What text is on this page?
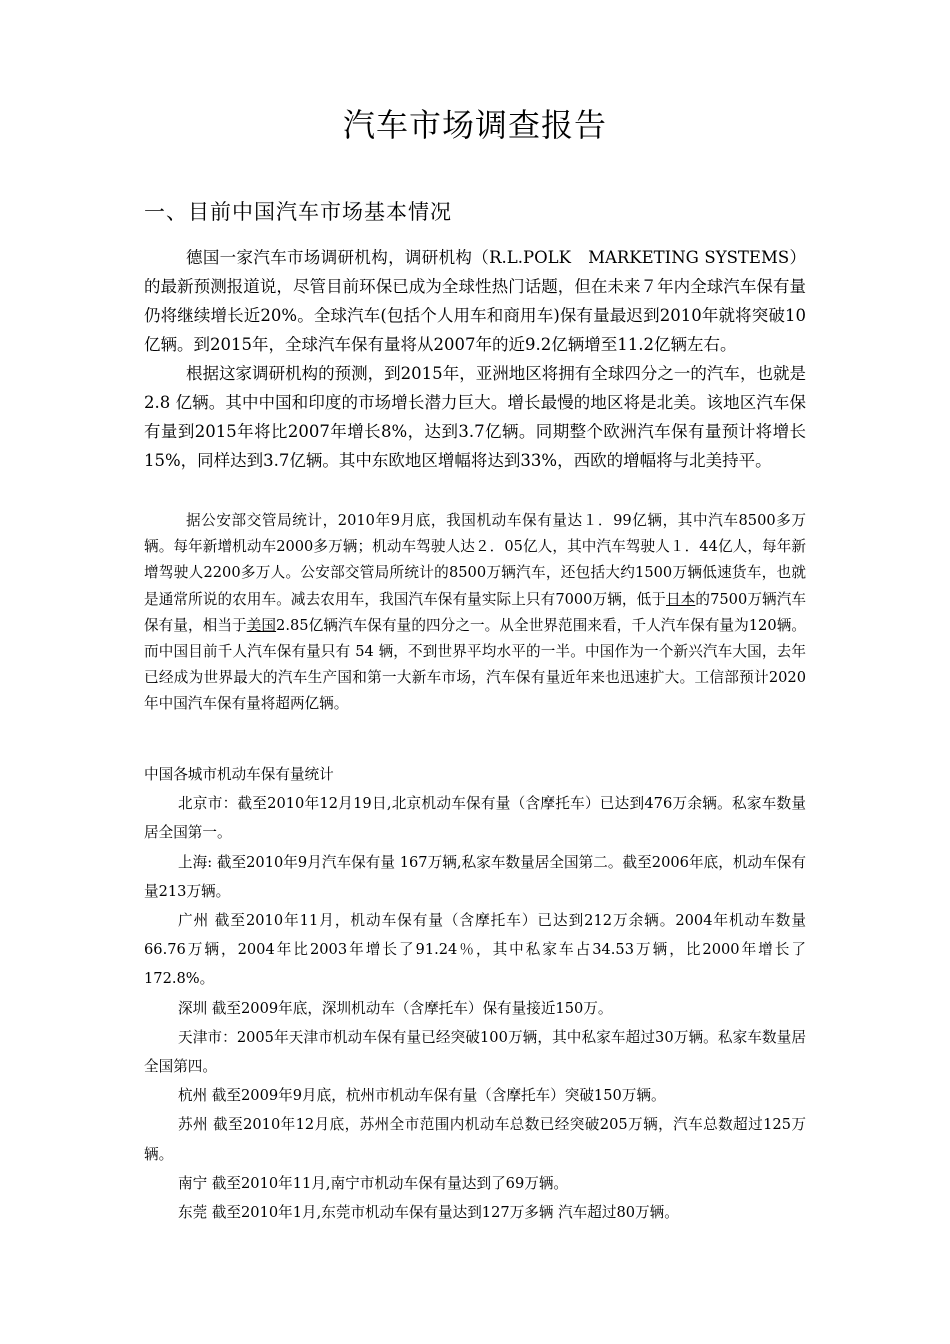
汽车市场调查报告
一、目前中国汽车市场基本情况

德国一家汽车市场调研机构，调研机构（R.L.POLK　MARKETING SYSTEMS）的最新预测报道说，尽管目前环保已成为全球性热门话题，但在未来７年内全球汽车保有量仍将继续增长近20%。全球汽车(包括个人用车和商用车)保有量最迟到2010年就将突破10亿辆。到2015年，全球汽车保有量将从2007年的近9.2亿辆增至11.2亿辆左右。

根据这家调研机构的预测，到2015年，亚洲地区将拥有全球四分之一的汽车，也就是 2.8 亿辆。其中中国和印度的市场增长潜力巨大。增长最慢的地区将是北美。该地区汽车保有量到2015年将比2007年增长8%，达到3.7亿辆。同期整个欧洲汽车保有量预计将增长15%，同样达到3.7亿辆。其中东欧地区增幅将达到33%，西欧的增幅将与北美持平。

据公安部交管局统计，2010年9月底，我国机动车保有量达１．99亿辆，其中汽车8500多万辆。每年新增机动车2000多万辆；机动车驾驶人达２．05亿人，其中汽车驾驶人１．44亿人，每年新增驾驶人2200多万人。公安部交管局所统计的8500万辆汽车，还包括大约1500万辆低速货车，也就是通常所说的农用车。减去农用车，我国汽车保有量实际上只有7000万辆，低于日本的7500万辆汽车保有量，相当于美国2.85亿辆汽车保有量的四分之一。从全世界范围来看，千人汽车保有量为120辆。而中国目前千人汽车保有量只有 54 辆，不到世界平均水平的一半。中国作为一个新兴汽车大国，去年已经成为世界最大的汽车生产国和第一大新车市场，汽车保有量近年来也迅速扩大。工信部预计2020年中国汽车保有量将超两亿辆。

中国各城市机动车保有量统计

北京市：截至2010年12月19日,北京机动车保有量（含摩托车）已达到476万余辆。私家车数量居全国第一。

上海: 截至2010年9月汽车保有量 167万辆,私家车数量居全国第二。截至2006年底，机动车保有量213万辆。

广州 截至2010年11月，机动车保有量（含摩托车）已达到212万余辆。2004年机动车数量66.76万辆，2004年比2003年增长了91.24％，其中私家车占34.53万辆，比2000年增长了172.8%。

深圳 截至2009年底，深圳机动车（含摩托车）保有量接近150万。

天津市：2005年天津市机动车保有量已经突破100万辆，其中私家车超过30万辆。私家车数量居全国第四。

杭州 截至2009年9月底，杭州市机动车保有量（含摩托车）突破150万辆。

苏州 截至2010年12月底，苏州全市范围内机动车总数已经突破205万辆，汽车总数超过125万辆。

南宁 截至2010年11月,南宁市机动车保有量达到了69万辆。

东莞 截至2010年1月,东莞市机动车保有量达到127万多辆 汽车超过80万辆。
